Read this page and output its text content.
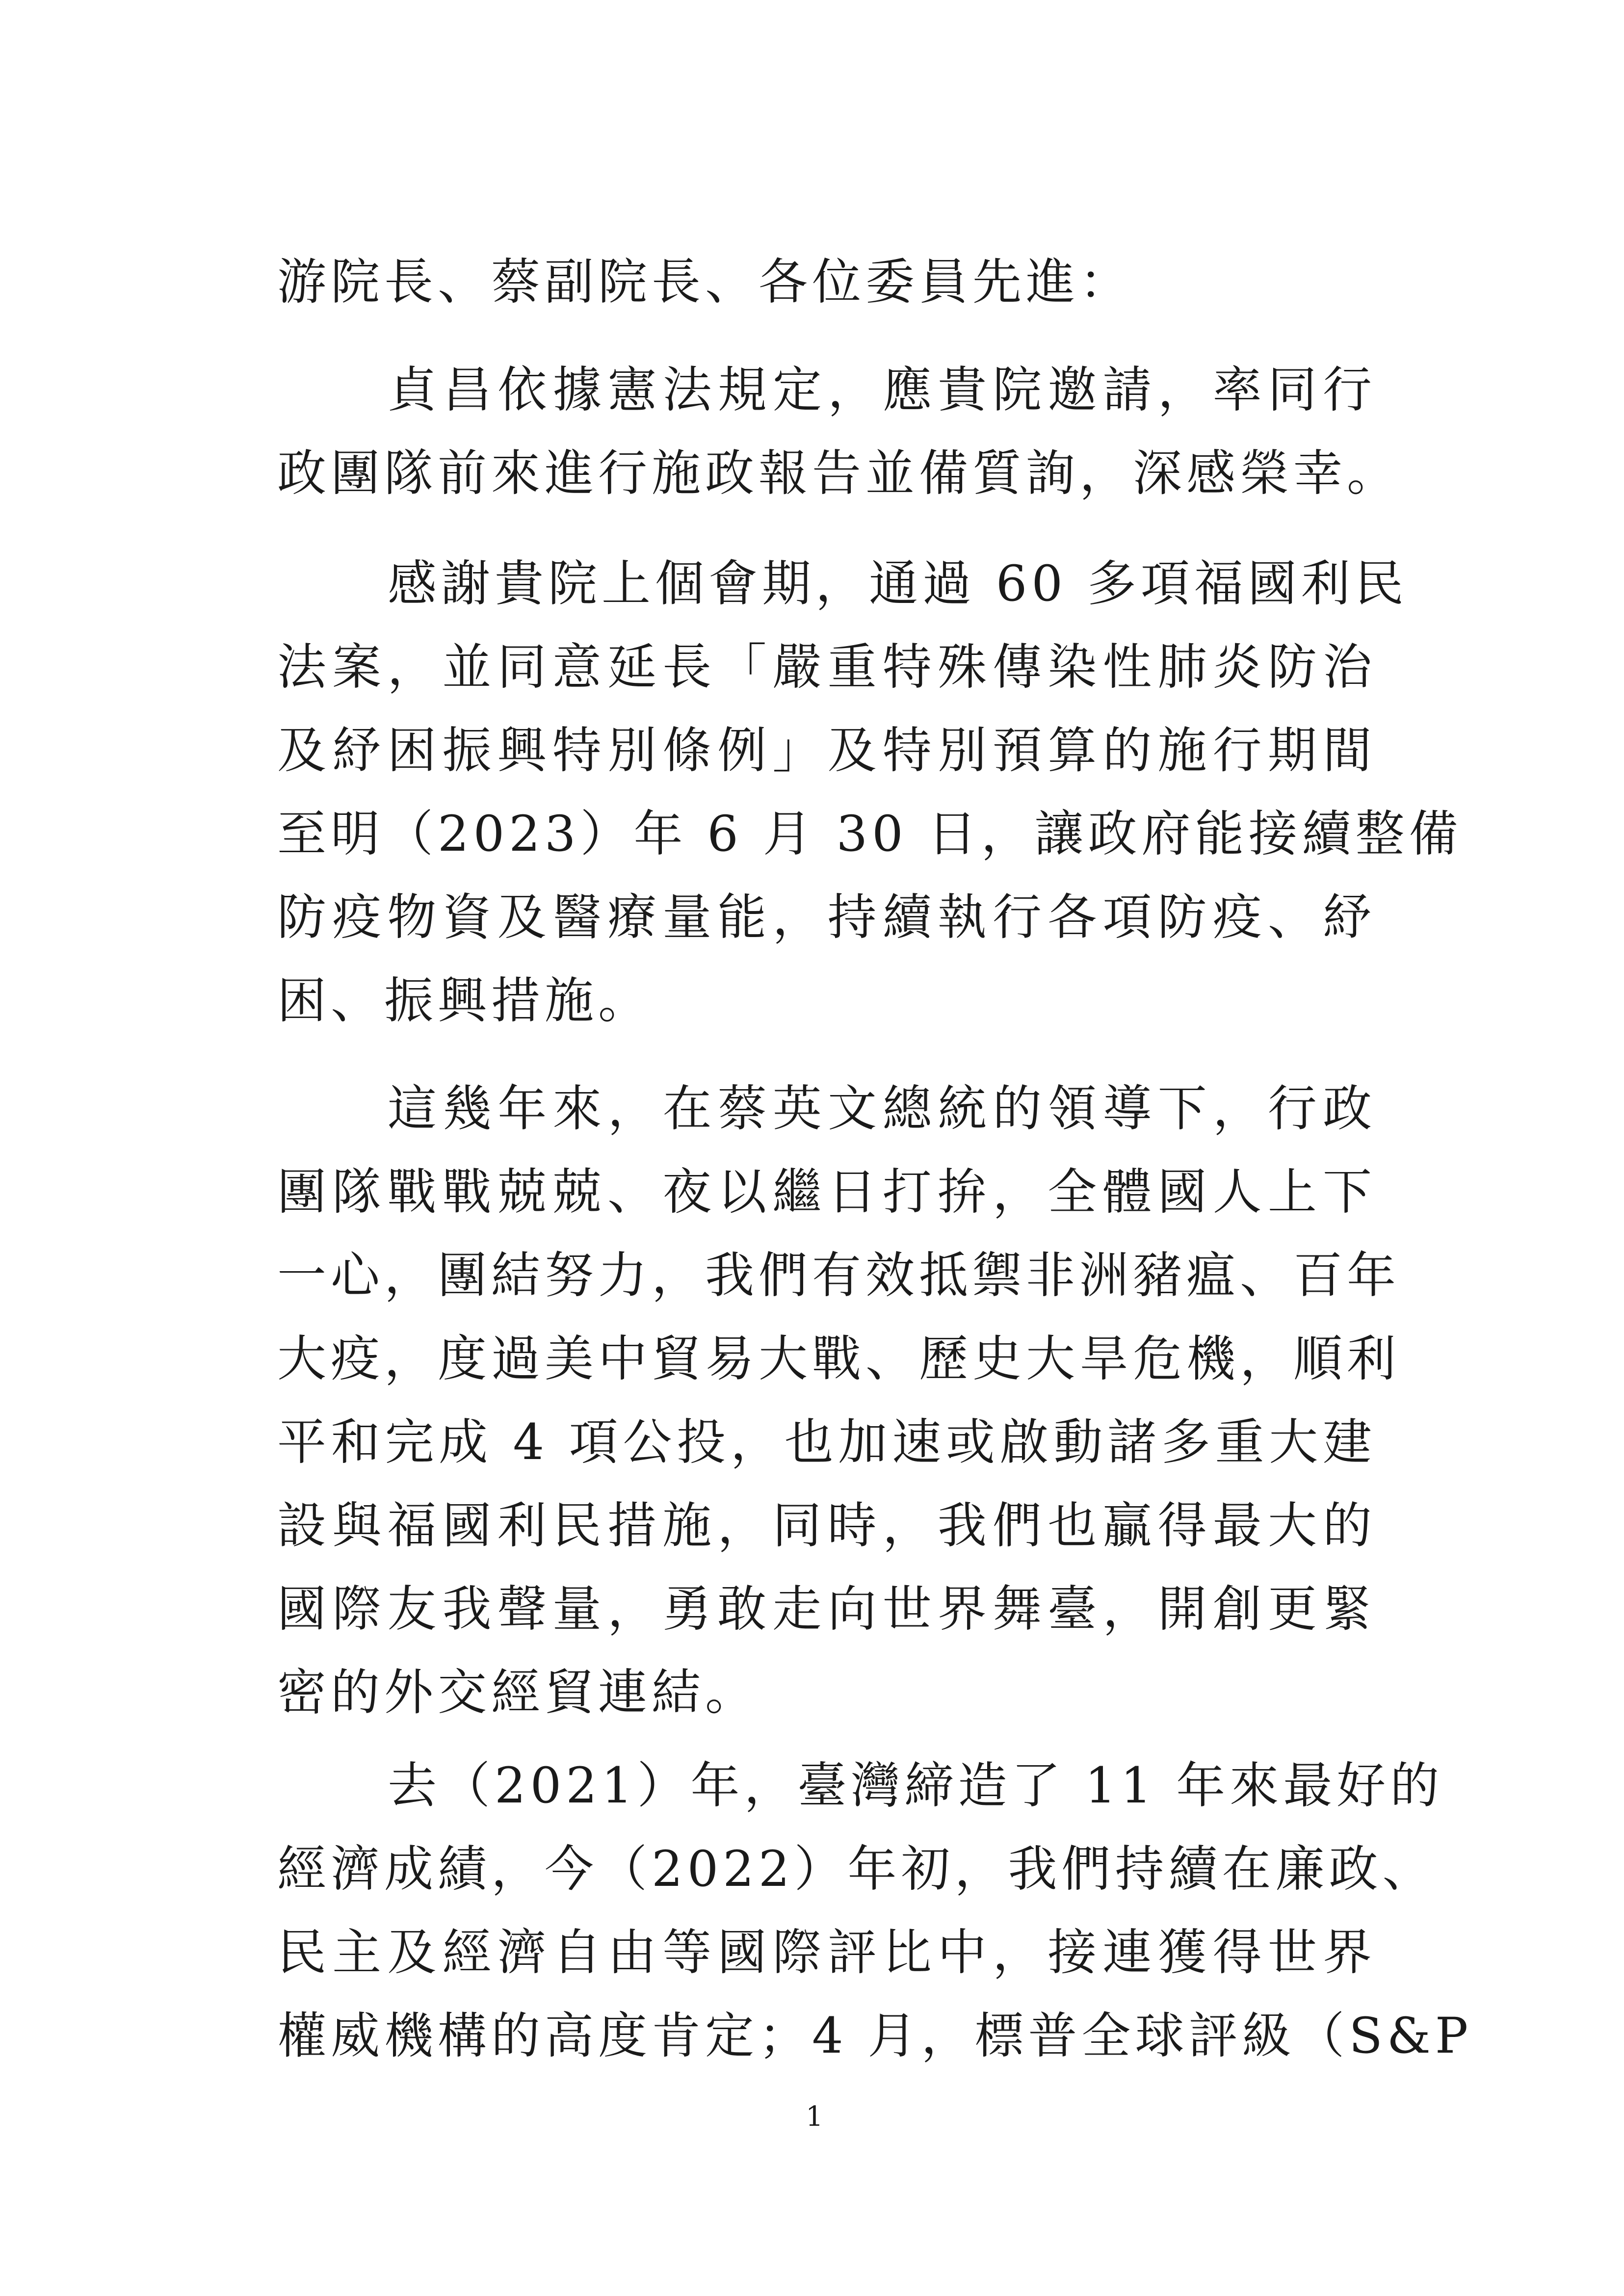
游院長、蔡副院長、各位委員先進：
貞昌依據憲法規定，應貴院邀請，率同行
政團隊前來進行施政報告並備質詢，深感榮幸。
感謝貴院上個會期，通過 60 多項福國利民
法案，並同意延長「嚴重特殊傳染性肺炎防治
及紓困振興特別條例」及特別預算的施行期間
至明（2023）年 6 月 30 日，讓政府能接續整備
防疫物資及醫療量能，持續執行各項防疫、紓
困、振興措施。
這幾年來，在蔡英文總統的領導下，行政
團隊戰戰兢兢、夜以繼日打拚，全體國人上下
一心，團結努力，我們有效抵禦非洲豬瘟、百年
大疫，度過美中貿易大戰、歷史大旱危機，順利
平和完成 4 項公投，也加速或啟動諸多重大建
設與福國利民措施，同時，我們也贏得最大的
國際友我聲量，勇敢走向世界舞臺，開創更緊
密的外交經貿連結。
去（2021）年，臺灣締造了 11 年來最好的
經濟成績，今（2022）年初，我們持續在廉政、
民主及經濟自由等國際評比中，接連獲得世界
權威機構的高度肯定；4 月，標普全球評級（S&P
1
